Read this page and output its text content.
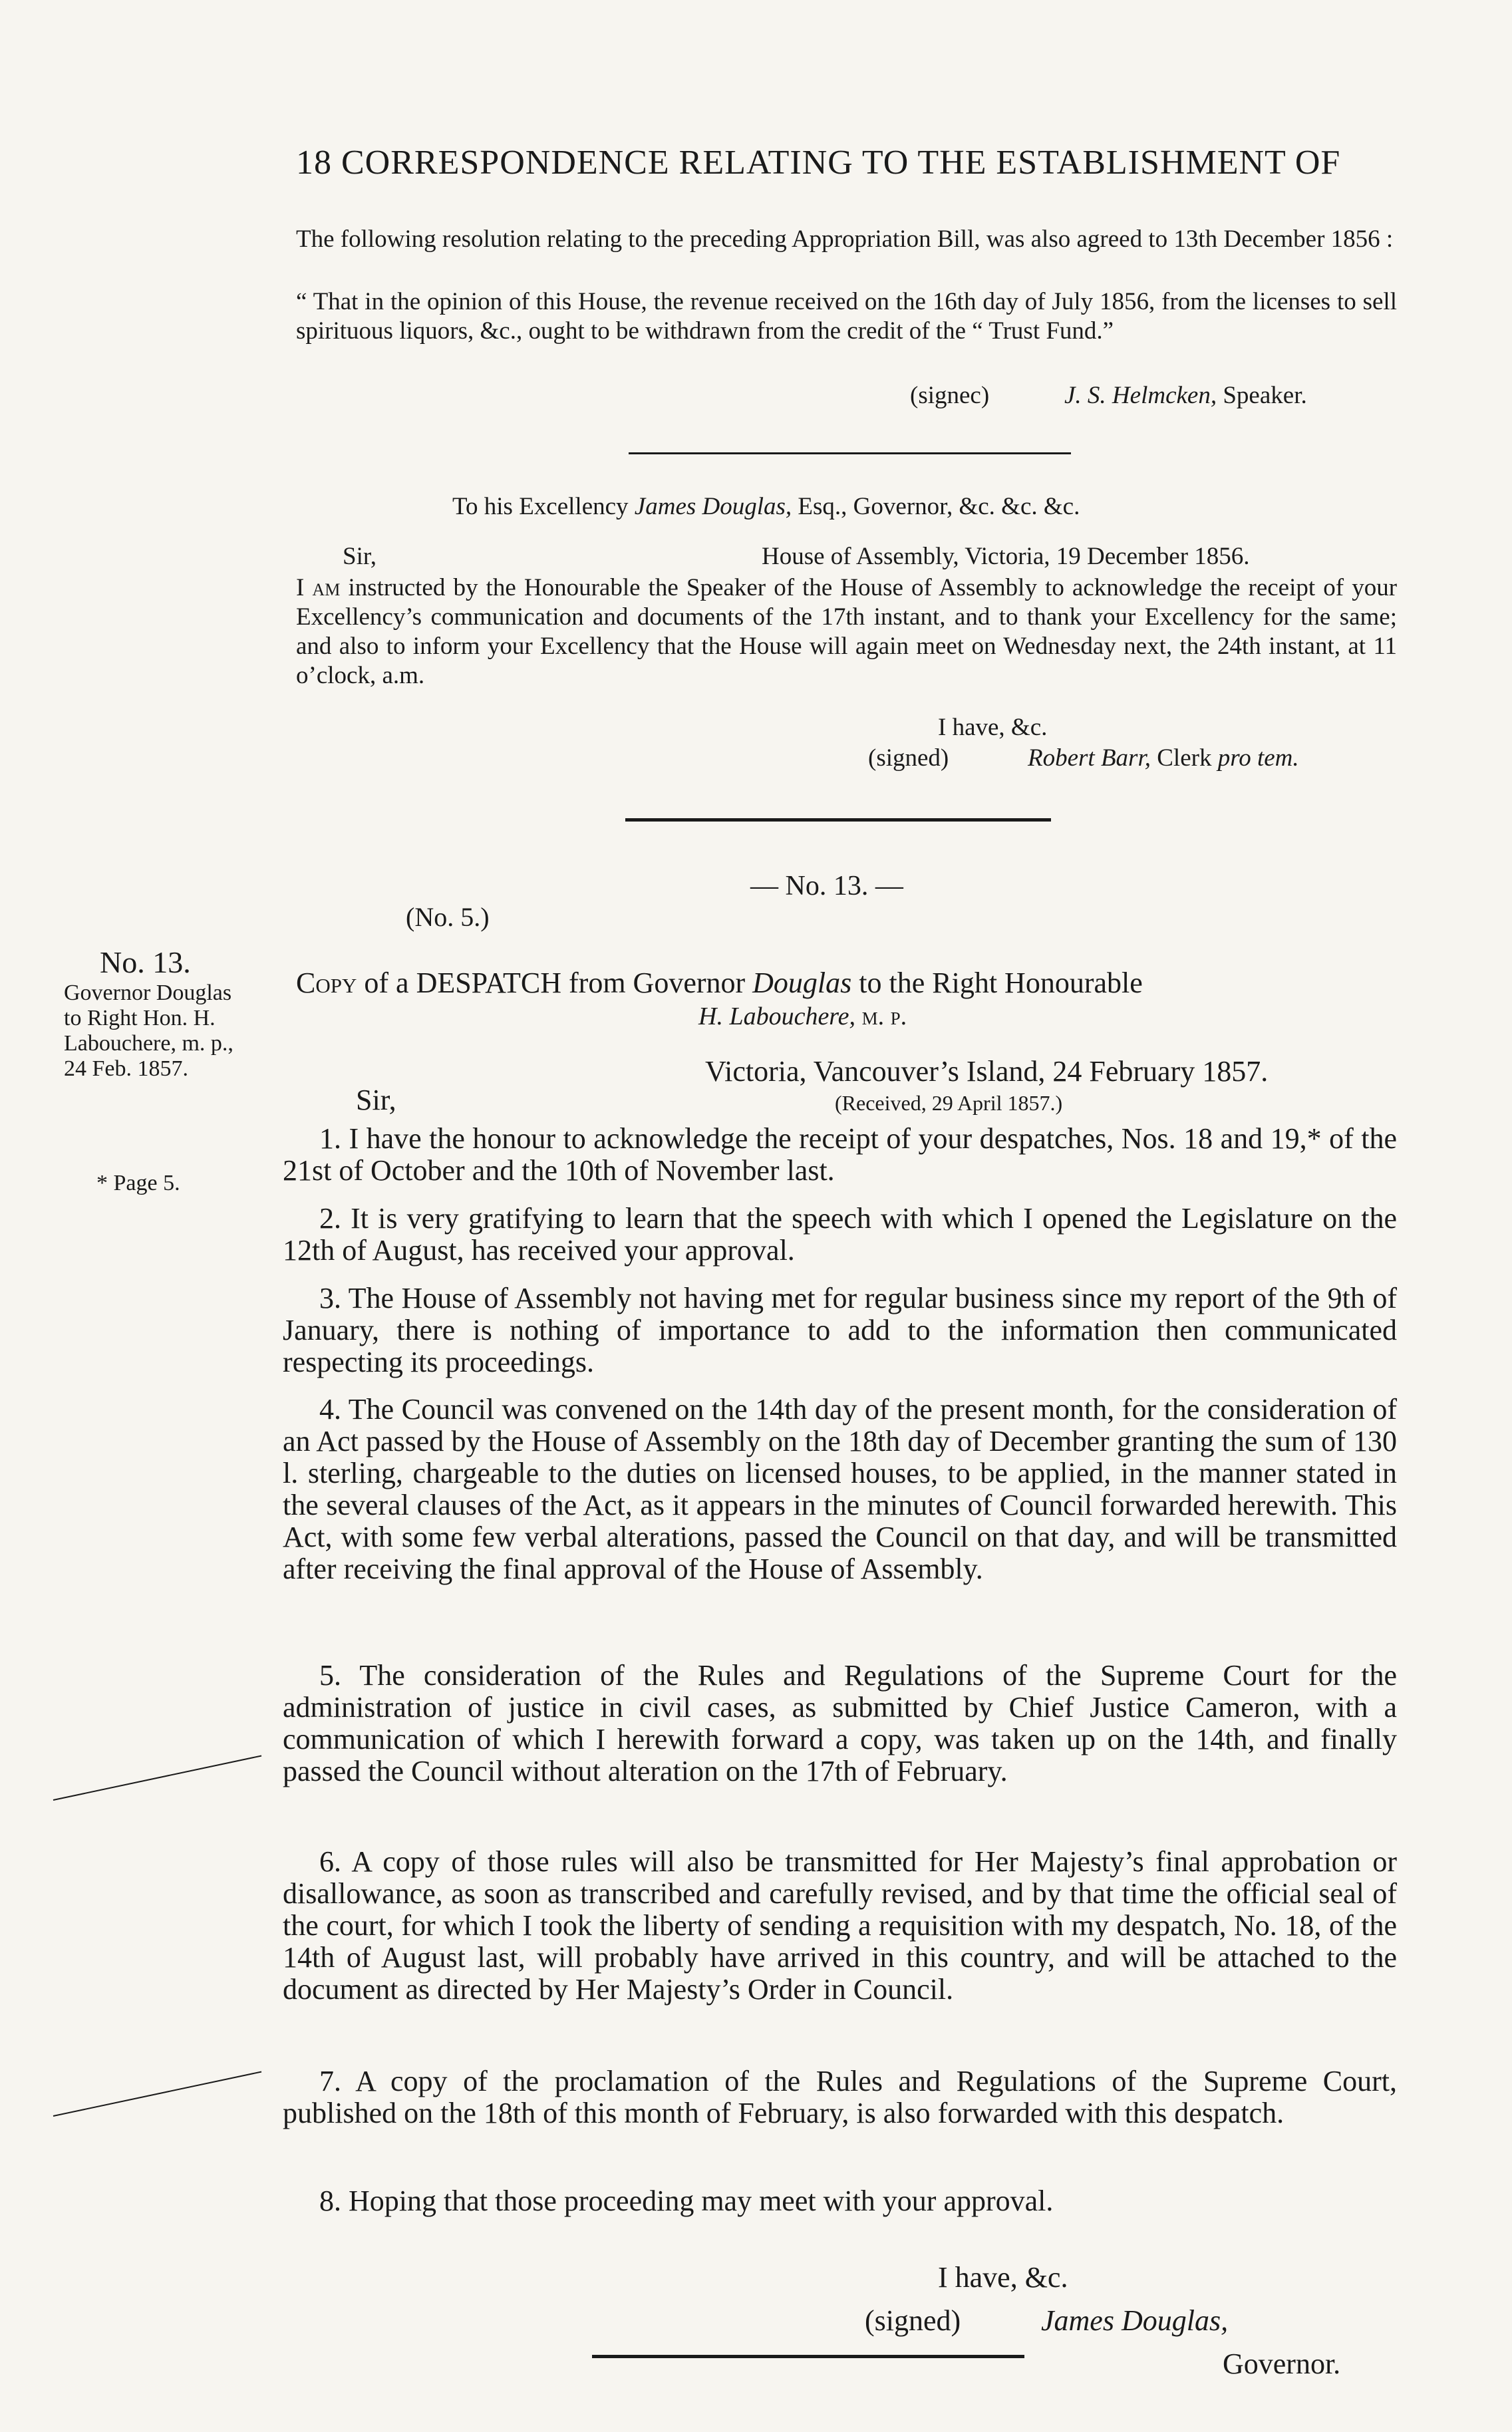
18 CORRESPONDENCE RELATING TO THE ESTABLISHMENT OF
The following resolution relating to the preceding Appropriation Bill, was also agreed to 13th December 1856 :
“ That in the opinion of this House, the revenue received on the 16th day of July 1856, from the licenses to sell spirituous liquors, &c., ought to be withdrawn from the credit of the “ Trust Fund.”
(signec)	J. S. Helmcken, Speaker.
To his Excellency James Douglas, Esq., Governor, &c. &c. &c.
Sir,	House of Assembly, Victoria, 19 December 1856.
I am instructed by the Honourable the Speaker of the House of Assembly to acknowledge the receipt of your Excellency’s communication and documents of the 17th instant, and to thank your Excellency for the same; and also to inform your Excellency that the House will again meet on Wednesday next, the 24th instant, at 11 o’clock, a.m.
I have, &c.
(signed)	Robert Barr, Clerk pro tem.
— No. 13. —
(No. 5.)
No. 13.
Governor Douglas
to Right Hon. H.
Labouchere, m. p.,
24 Feb. 1857.
* Page 5.
Copy of a DESPATCH from Governor Douglas to the Right Honourable
H. Labouchere, m. p.
Victoria, Vancouver’s Island, 24 February 1857.
Sir,	(Received, 29 April 1857.)
1. I have the honour to acknowledge the receipt of your despatches, Nos. 18 and 19,* of the 21st of October and the 10th of November last.
2. It is very gratifying to learn that the speech with which I opened the Legislature on the 12th of August, has received your approval.
3. The House of Assembly not having met for regular business since my report of the 9th of January, there is nothing of importance to add to the information then communicated respecting its proceedings.
4. The Council was convened on the 14th day of the present month, for the consideration of an Act passed by the House of Assembly on the 18th day of December granting the sum of 130 l. sterling, chargeable to the duties on licensed houses, to be applied, in the manner stated in the several clauses of the Act, as it appears in the minutes of Council forwarded herewith. This Act, with some few verbal alterations, passed the Council on that day, and will be transmitted after receiving the final approval of the House of Assembly.
5. The consideration of the Rules and Regulations of the Supreme Court for the administration of justice in civil cases, as submitted by Chief Justice Cameron, with a communication of which I herewith forward a copy, was taken up on the 14th, and finally passed the Council without alteration on the 17th of February.
6. A copy of those rules will also be transmitted for Her Majesty’s final approbation or disallowance, as soon as transcribed and carefully revised, and by that time the official seal of the court, for which I took the liberty of sending a requisition with my despatch, No. 18, of the 14th of August last, will probably have arrived in this country, and will be attached to the document as directed by Her Majesty’s Order in Council.
7. A copy of the proclamation of the Rules and Regulations of the Supreme Court, published on the 18th of this month of February, is also forwarded with this despatch.
8. Hoping that those proceeding may meet with your approval.
I have, &c.
(signed)	James Douglas,
Governor.
